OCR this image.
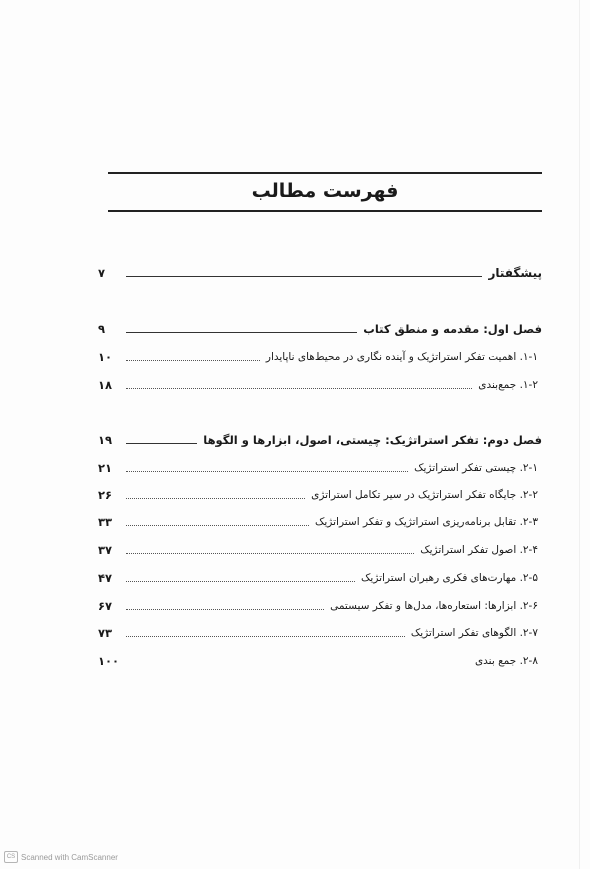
فهرست مطالب
پیشگفتار
۷
فصل اول: مقدمه و منطق کتاب
۹
۱-۱. اهمیت تفکر استراتژیک و آینده نگاری در محیط‌های ناپایدار
۱۰
۱-۲. جمع‌بندی
۱۸
فصل دوم: تفکر استراتژیک: چیستی، اصول، ابزارها و الگوها
۱۹
۲-۱. چیستی تفکر استراتژیک
۲۱
۲-۲. جایگاه تفکر استراتژیک در سیر تکامل استراتژی
۲۶
۲-۳. تقابل برنامه‌ریزی استراتژیک و تفکر استراتژیک
۳۳
۲-۴. اصول تفکر استراتژیک
۳۷
۲-۵. مهارت‌های فکری رهبران استراتژیک
۴۷
۲-۶. ابزارها: استعاره‌ها، مدل‌ها و تفکر سیستمی
۶۷
۲-۷. الگوهای تفکر استراتژیک
۷۳
۲-۸. جمع بندی
۱۰۰
CS Scanned with CamScanner
